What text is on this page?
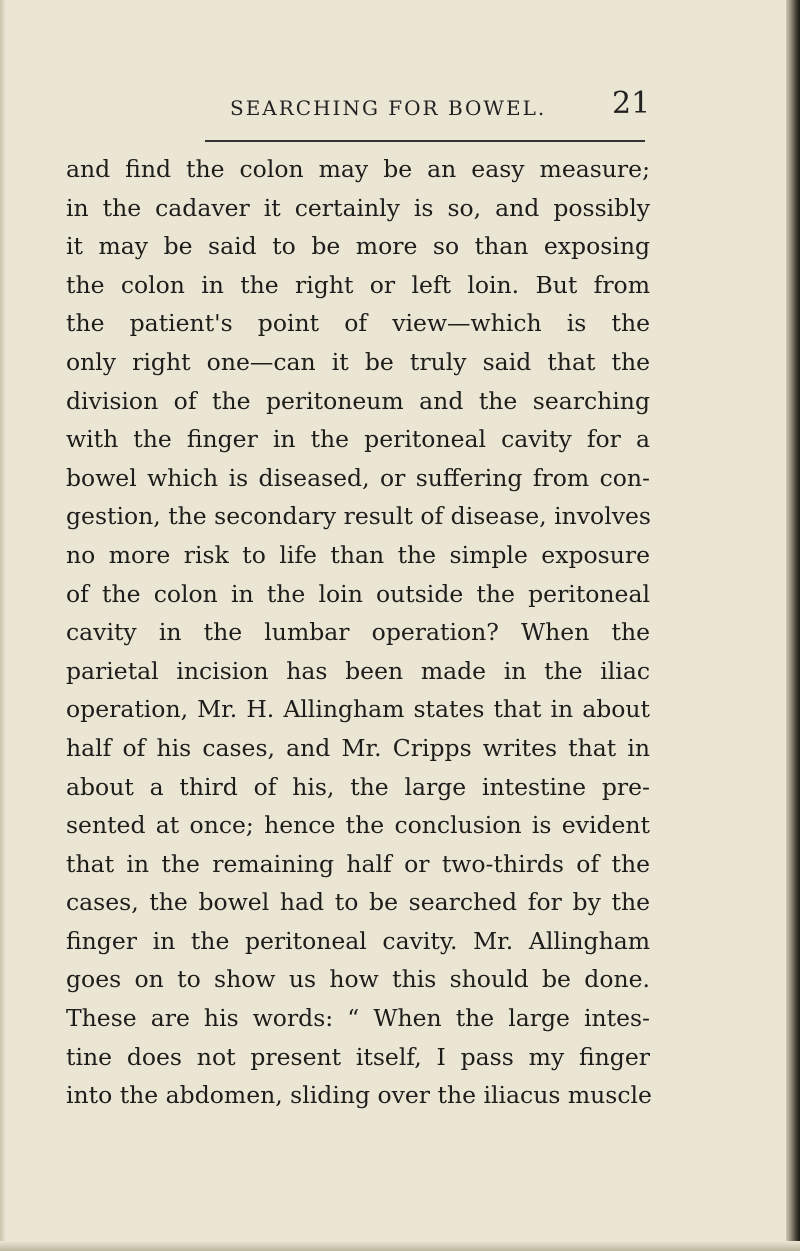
SEARCHING FOR BOWEL. 21
and find the colon may be an easy measure;
in the cadaver it certainly is so, and possibly
it may be said to be more so than exposing
the colon in the right or left loin. But from
the patient's point of view—which is the
only right one—can it be truly said that the
division of the peritoneum and the searching
with the finger in the peritoneal cavity for a
bowel which is diseased, or suffering from con-
gestion, the secondary result of disease, involves
no more risk to life than the simple exposure
of the colon in the loin outside the peritoneal
cavity in the lumbar operation? When the
parietal incision has been made in the iliac
operation, Mr. H. Allingham states that in about
half of his cases, and Mr. Cripps writes that in
about a third of his, the large intestine pre-
sented at once; hence the conclusion is evident
that in the remaining half or two-thirds of the
cases, the bowel had to be searched for by the
finger in the peritoneal cavity. Mr. Allingham
goes on to show us how this should be done.
These are his words: “ When the large intes-
tine does not present itself, I pass my finger
into the abdomen, sliding over the iliacus muscle
